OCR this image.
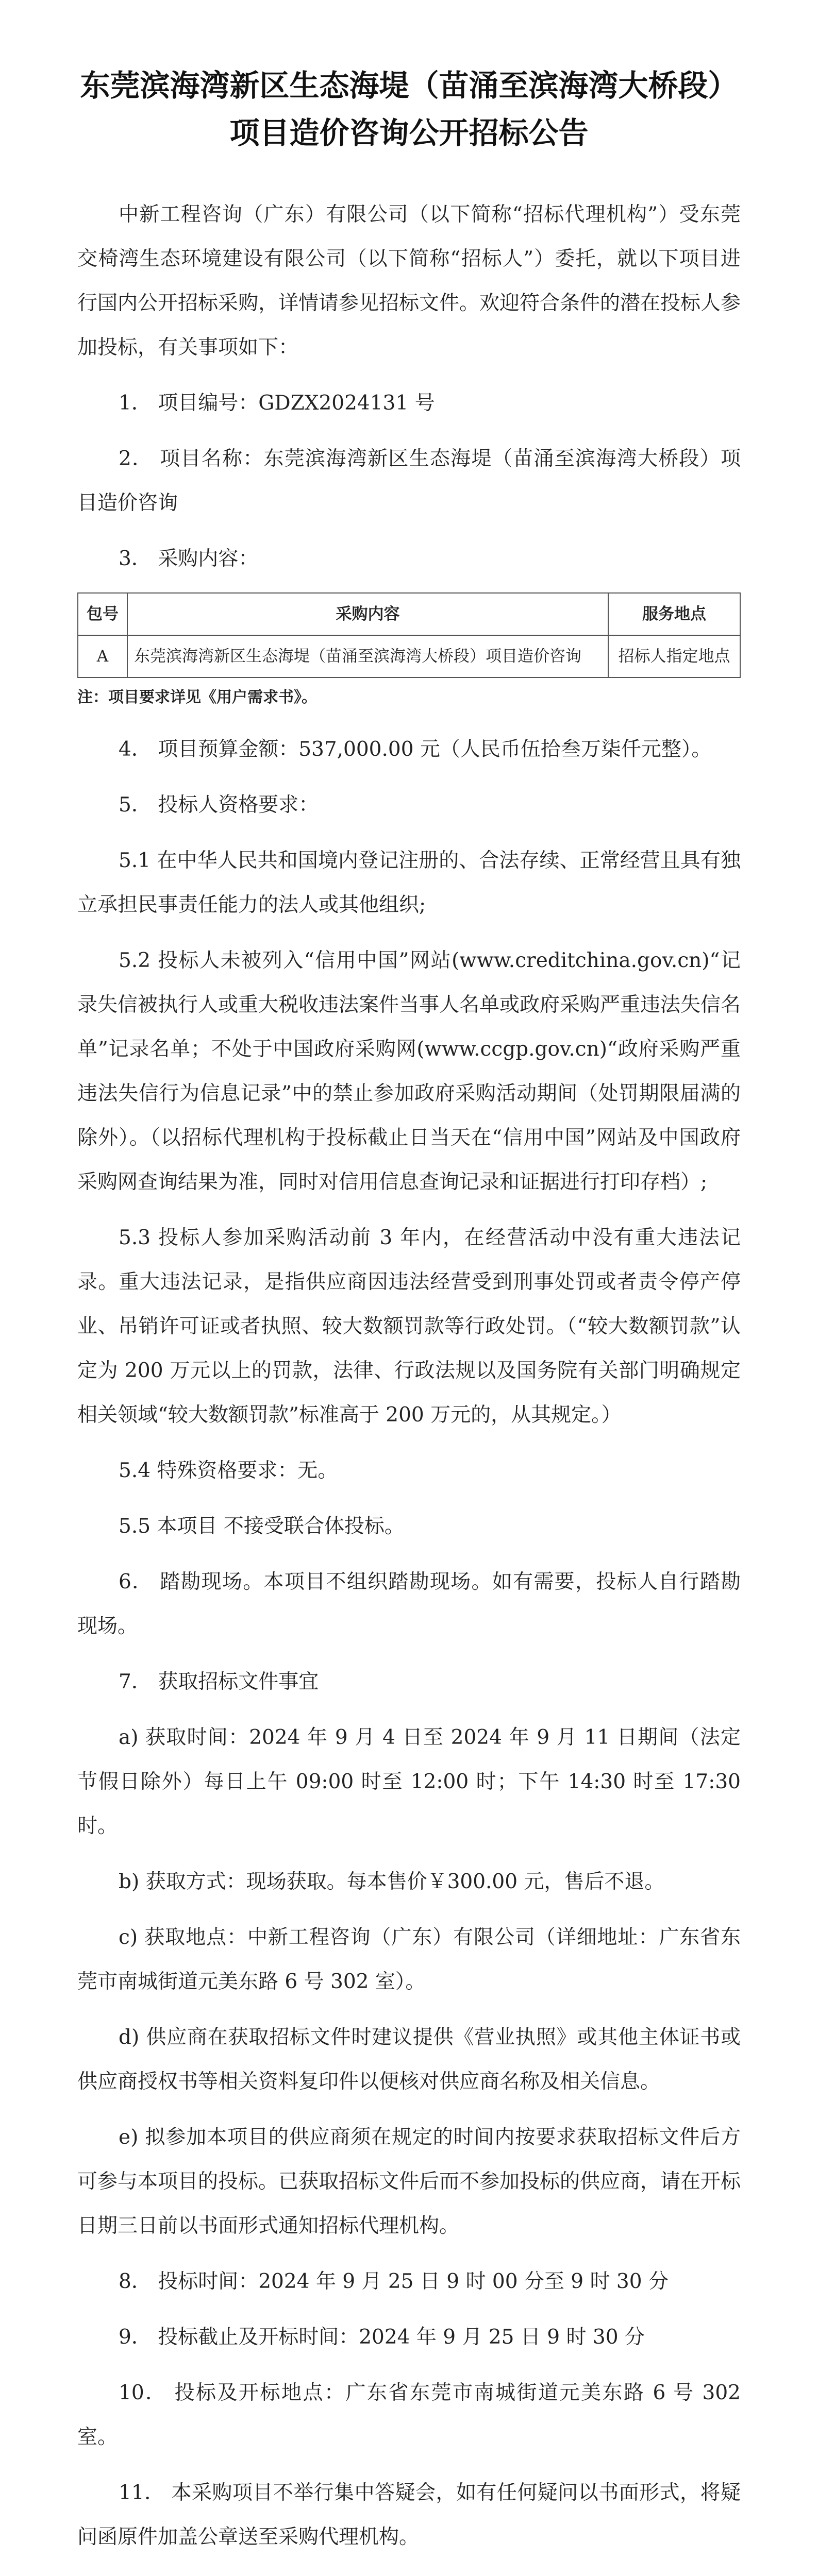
东莞滨海湾新区生态海堤（苗涌至滨海湾大桥段）项目造价咨询公开招标公告

中新工程咨询（广东）有限公司（以下简称“招标代理机构”）受东莞交椅湾生态环境建设有限公司（以下简称“招标人”）委托，就以下项目进行国内公开招标采购，详情请参见招标文件。欢迎符合条件的潜在投标人参加投标，有关事项如下：

1． 项目编号：GDZX2024131 号

2． 项目名称：东莞滨海湾新区生态海堤（苗涌至滨海湾大桥段）项目造价咨询

3． 采购内容：

包号	采购内容	服务地点
A	东莞滨海湾新区生态海堤（苗涌至滨海湾大桥段）项目造价咨询	招标人指定地点
注：项目要求详见《用户需求书》。

4． 项目预算金额：537,000.00 元（人民币伍拾叁万柒仟元整）。

5． 投标人资格要求：

5.1 在中华人民共和国境内登记注册的、合法存续、正常经营且具有独立承担民事责任能力的法人或其他组织;

5.2 投标人未被列入“信用中国”网站(www.creditchina.gov.cn)“记录失信被执行人或重大税收违法案件当事人名单或政府采购严重违法失信名单”记录名单；不处于中国政府采购网(www.ccgp.gov.cn)“政府采购严重违法失信行为信息记录”中的禁止参加政府采购活动期间（处罚期限届满的除外）。（以招标代理机构于投标截止日当天在“信用中国”网站及中国政府采购网查询结果为准，同时对信用信息查询记录和证据进行打印存档）;

5.3 投标人参加采购活动前 3 年内，在经营活动中没有重大违法记录。重大违法记录，是指供应商因违法经营受到刑事处罚或者责令停产停业、吊销许可证或者执照、较大数额罚款等行政处罚。（“较大数额罚款”认定为 200 万元以上的罚款，法律、行政法规以及国务院有关部门明确规定相关领域“较大数额罚款”标准高于 200 万元的，从其规定。）

5.4 特殊资格要求：无。

5.5 本项目 不接受联合体投标。

6． 踏勘现场。本项目不组织踏勘现场。如有需要，投标人自行踏勘现场。

7． 获取招标文件事宜

a) 获取时间：2024 年 9 月 4 日至 2024 年 9 月 11 日期间（法定节假日除外）每日上午 09:00 时至 12:00 时；下午 14:30 时至 17:30 时。

b) 获取方式：现场获取。每本售价￥300.00 元，售后不退。

c) 获取地点：中新工程咨询（广东）有限公司（详细地址：广东省东莞市南城街道元美东路 6 号 302 室）。

d) 供应商在获取招标文件时建议提供《营业执照》或其他主体证书或供应商授权书等相关资料复印件以便核对供应商名称及相关信息。

e) 拟参加本项目的供应商须在规定的时间内按要求获取招标文件后方可参与本项目的投标。已获取招标文件后而不参加投标的供应商，请在开标日期三日前以书面形式通知招标代理机构。

8． 投标时间：2024 年 9 月 25 日 9 时 00 分至 9 时 30 分

9． 投标截止及开标时间：2024 年 9 月 25 日 9 时 30 分

10． 投标及开标地点：广东省东莞市南城街道元美东路 6 号 302 室。

11． 本采购项目不举行集中答疑会，如有任何疑问以书面形式，将疑问函原件加盖公章送至采购代理机构。
